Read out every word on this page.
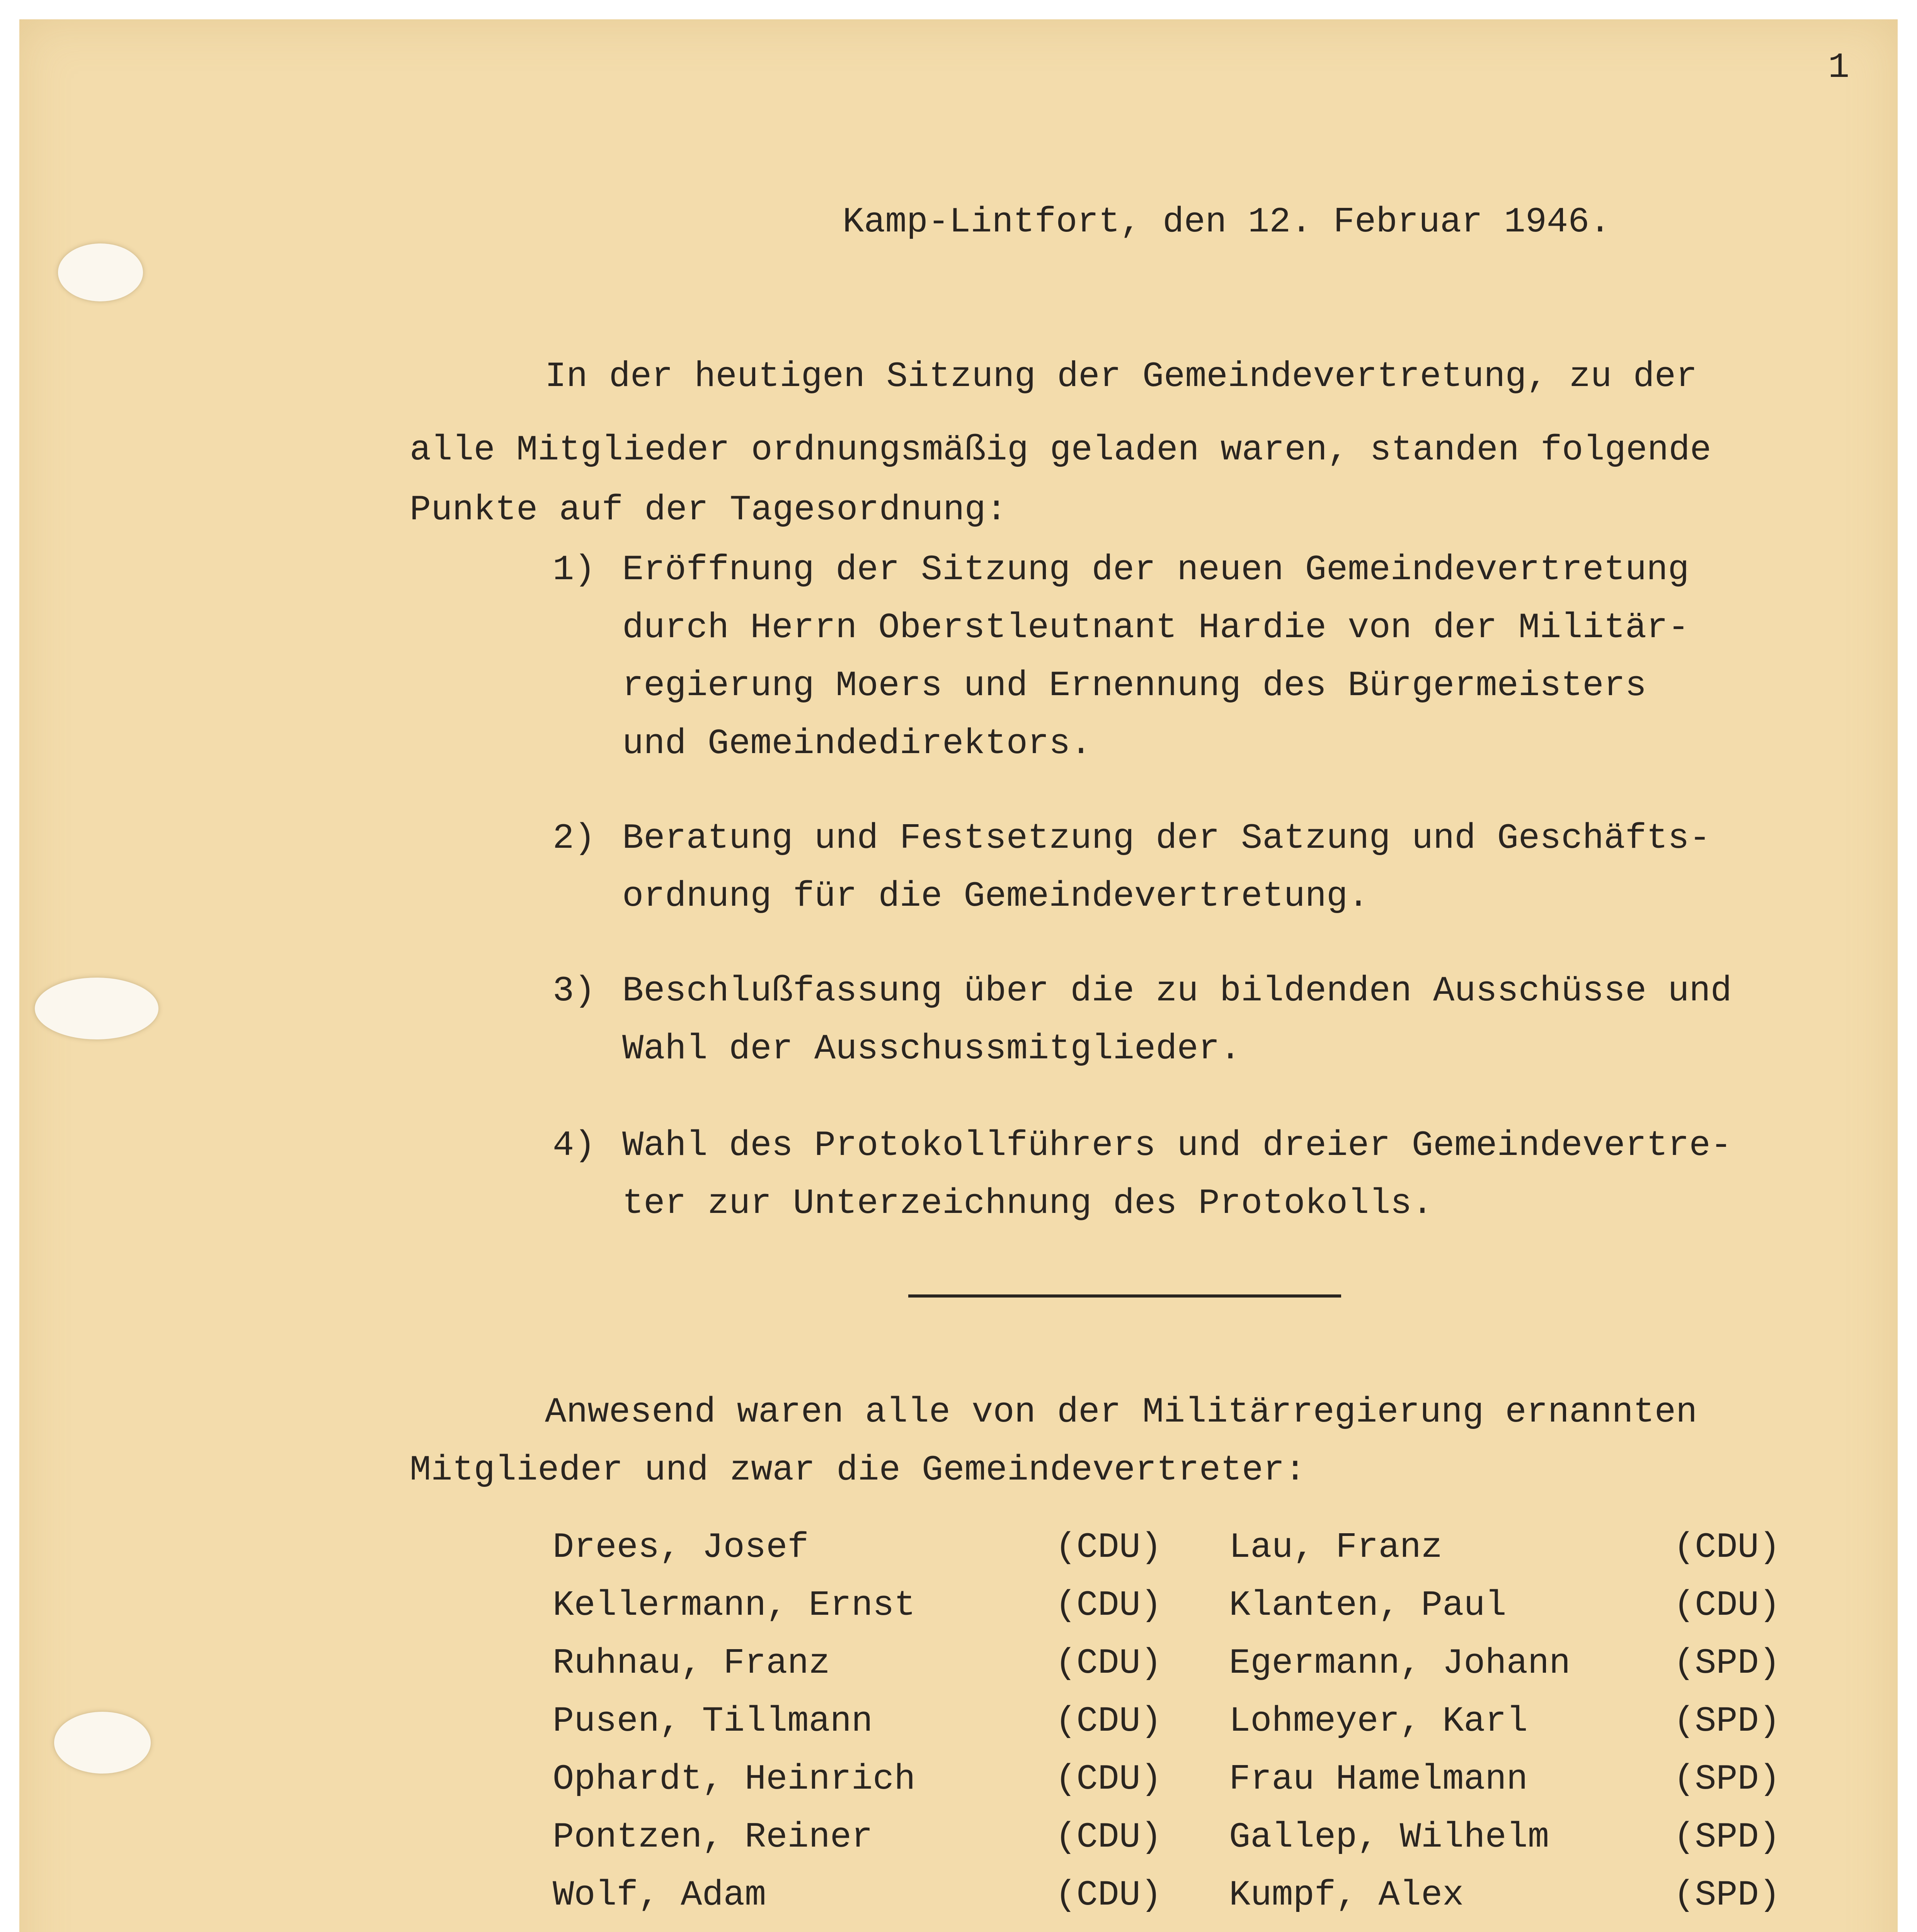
1
Kamp-Lintfort, den 12. Februar 1946.
In der heutigen Sitzung der Gemeindevertretung, zu der
alle Mitglieder ordnungsmäßig geladen waren, standen folgende
Punkte auf der Tagesordnung:
1) Eröffnung der Sitzung der neuen Gemeindevertretung
durch Herrn Oberstleutnant Hardie von der Militär-
regierung Moers und Ernennung des Bürgermeisters
und Gemeindedirektors.
2) Beratung und Festsetzung der Satzung und Geschäfts-
ordnung für die Gemeindevertretung.
3) Beschlußfassung über die zu bildenden Ausschüsse und
Wahl der Ausschussmitglieder.
4) Wahl des Protokollführers und dreier Gemeindevertre-
ter zur Unterzeichnung des Protokolls.
Anwesend waren alle von der Militärregierung ernannten
Mitglieder und zwar die Gemeindevertreter:
Drees, Josef	(CDU) Lau, Franz	(CDU)
Kellermann, Ernst	(CDU) Klanten, Paul	(CDU)
Ruhnau, Franz	(CDU) Egermann, Johann	(SPD)
Pusen, Tillmann	(CDU) Lohmeyer, Karl	(SPD)
Ophardt, Heinrich	(CDU) Frau Hamelmann	(SPD)
Pontzen, Reiner	(CDU) Gallep, Wilhelm	(SPD)
Wolf, Adam	(CDU) Kumpf, Alex	(SPD)
